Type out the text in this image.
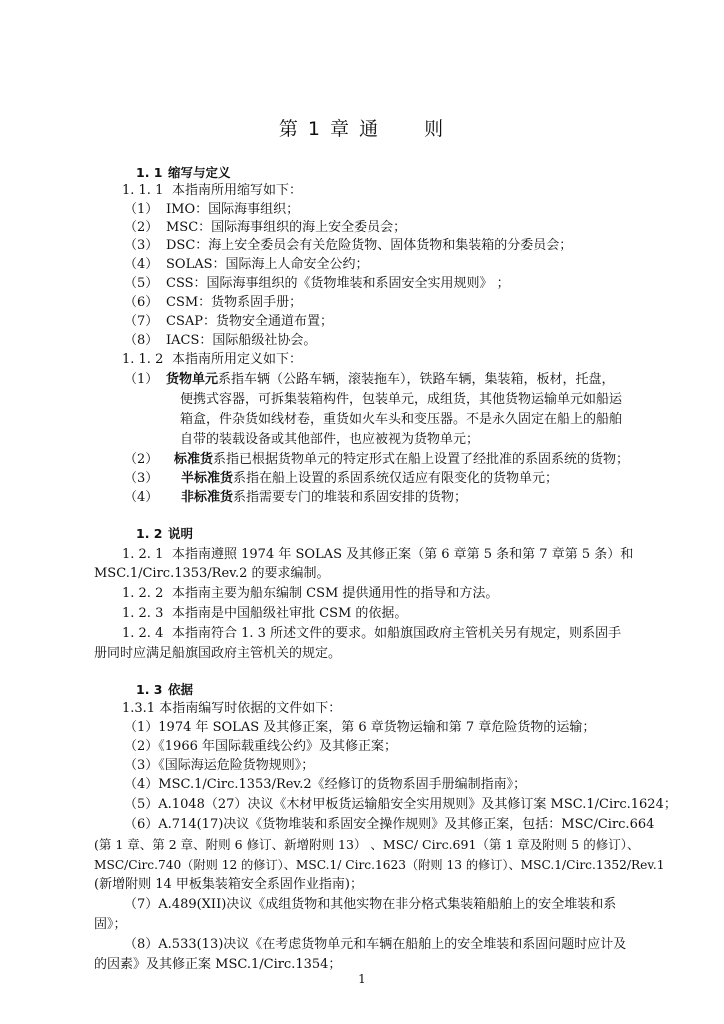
第 1 章 通 则
1. 1 缩写与定义
1. 1. 1 本指南所用缩写如下：
（1） IMO：国际海事组织；
（2） MSC：国际海事组织的海上安全委员会；
（3） DSC：海上安全委员会有关危险货物、固体货物和集装箱的分委员会；
（4） SOLAS：国际海上人命安全公约；
（5） CSS：国际海事组织的《货物堆装和系固安全实用规则》 ；
（6） CSM：货物系固手册；
（7） CSAP：货物安全通道布置；
（8） IACS：国际船级社协会。
1. 1. 2 本指南所用定义如下：
（1） 货物单元系指车辆（公路车辆，滚装拖车），铁路车辆，集装箱，板材，托盘，
便携式容器，可拆集装箱构件，包装单元，成组货，其他货物运输单元如船运
箱盒，件杂货如线材卷，重货如火车头和变压器。不是永久固定在船上的船舶
自带的装载设备或其他部件，也应被视为货物单元；
（2） 标准货系指已根据货物单元的特定形式在船上设置了经批准的系固系统的货物；
（3） 半标准货系指在船上设置的系固系统仅适应有限变化的货物单元；
（4） 非标准货系指需要专门的堆装和系固安排的货物；
1. 2 说明
1. 2. 1 本指南遵照 1974 年 SOLAS 及其修正案（第 6 章第 5 条和第 7 章第 5 条）和
MSC.1/Circ.1353/Rev.2 的要求编制。
1. 2. 2 本指南主要为船东编制 CSM 提供通用性的指导和方法。
1. 2. 3 本指南是中国船级社审批 CSM 的依据。
1. 2. 4 本指南符合 1. 3 所述文件的要求。如船旗国政府主管机关另有规定，则系固手
册同时应满足船旗国政府主管机关的规定。
1. 3 依据
1.3.1 本指南编写时依据的文件如下：
（1）1974 年 SOLAS 及其修正案，第 6 章货物运输和第 7 章危险货物的运输；
（2）《1966 年国际载重线公约》及其修正案；
（3）《国际海运危险货物规则》；
（4）MSC.1/Circ.1353/Rev.2《经修订的货物系固手册编制指南》；
（5）A.1048（27）决议《木材甲板货运输船安全实用规则》及其修订案 MSC.1/Circ.1624；
（6）A.714(17)决议《货物堆装和系固安全操作规则》及其修正案，包括：MSC/Circ.664
(第 1 章、第 2 章、附则 6 修订、新增附则 13） 、MSC/ Circ.691（第 1 章及附则 5 的修订）、
MSC/Circ.740（附则 12 的修订）、MSC.1/ Circ.1623（附则 13 的修订）、MSC.1/Circ.1352/Rev.1
(新增附则 14 甲板集装箱安全系固作业指南)；
（7）A.489(XII)决议《成组货物和其他实物在非分格式集装箱船舶上的安全堆装和系
固》；
（8）A.533(13)决议《在考虑货物单元和车辆在船舶上的安全堆装和系固问题时应计及
的因素》及其修正案 MSC.1/Circ.1354；
1
